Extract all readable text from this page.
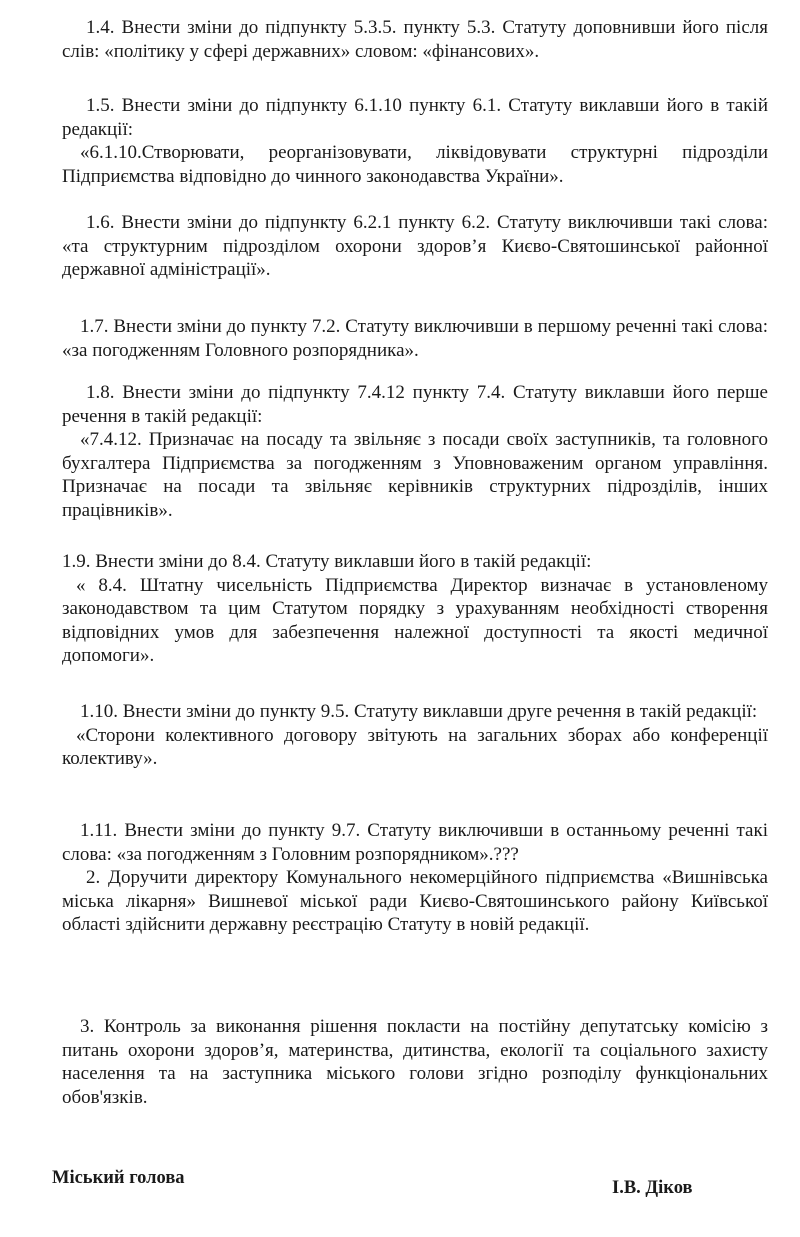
1.4. Внести зміни до підпункту 5.3.5. пункту 5.3. Статуту доповнивши його після слів: «політику у сфері державних» словом: «фінансових».

1.5. Внести зміни до підпункту 6.1.10 пункту 6.1. Статуту виклавши його в такій редакції:

«6.1.10.Створювати, реорганізовувати, ліквідовувати структурні підрозділи Підприємства відповідно до чинного законодавства України».

1.6. Внести зміни до підпункту 6.2.1 пункту 6.2. Статуту виключивши такі слова: «та структурним підрозділом охорони здоров’я Києво-Святошинської районної державної адміністрації».

1.7. Внести зміни до пункту 7.2. Статуту виключивши в першому реченні такі слова: «за погодженням Головного розпорядника».

1.8. Внести зміни до підпункту 7.4.12 пункту 7.4. Статуту виклавши його перше речення в такій редакції:

«7.4.12. Призначає на посаду та звільняє з посади своїх заступників, та головного бухгалтера Підприємства за погодженням з Уповноваженим органом управління. Призначає на посади та звільняє керівників структурних підрозділів, інших працівників».

1.9. Внести зміни до 8.4. Статуту виклавши його в такій редакції:

« 8.4. Штатну чисельність Підприємства Директор визначає в установленому законодавством та цим Статутом порядку з урахуванням необхідності створення відповідних умов для забезпечення належної доступності та якості медичної допомоги».

1.10. Внести зміни до пункту 9.5. Статуту виклавши друге речення в такій редакції:

«Сторони колективного договору звітують на загальних зборах або конференції колективу».

1.11. Внести зміни до пункту 9.7. Статуту виключивши в останньому реченні такі слова: «за погодженням з Головним розпорядником».???

2. Доручити директору Комунального некомерційного підприємства «Вишнівська міська лікарня» Вишневої міської ради Києво-Святошинського району Київської області здійснити державну реєстрацію Статуту в новій редакції.

3. Контроль за виконання рішення покласти на постійну депутатську комісію з питань охорони здоров’я, материнства, дитинства, екології та соціального захисту населення та на заступника міського голови згідно розподілу функціональних обов'язків.

Міський голова	І.В. Діков
